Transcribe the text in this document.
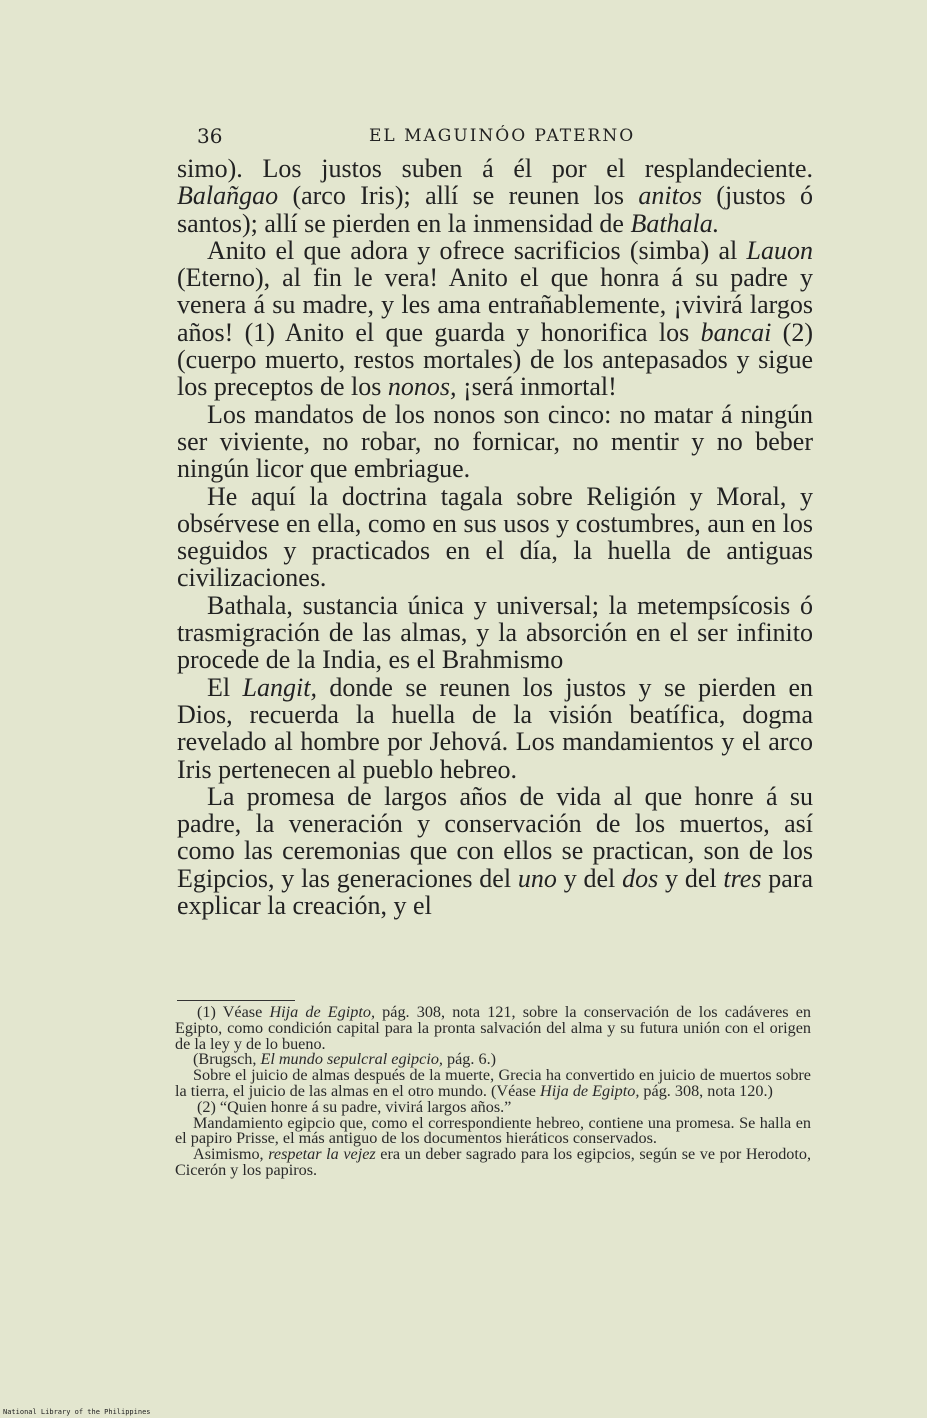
36	EL MAGUINÓO PATERNO

simo). Los justos suben á él por el resplandeciente. Balañgao (arco Iris); allí se reunen los anitos (justos ó santos); allí se pierden en la inmensidad de Bathala.

Anito el que adora y ofrece sacrificios (simba) al Lauon (Eterno), al fin le vera! Anito el que honra á su padre y venera á su madre, y les ama entrañablemente, ¡vivirá largos años! (1) Anito el que guarda y honorifica los bancai (2) (cuerpo muerto, restos mortales) de los antepasados y sigue los preceptos de los nonos, ¡será inmortal!

Los mandatos de los nonos son cinco: no matar á ningún ser viviente, no robar, no fornicar, no mentir y no beber ningún licor que embriague.

He aquí la doctrina tagala sobre Religión y Moral, y obsérvese en ella, como en sus usos y costumbres, aun en los seguidos y practicados en el día, la huella de antiguas civilizaciones.

Bathala, sustancia única y universal; la metempsícosis ó trasmigración de las almas, y la absorción en el ser infinito procede de la India, es el Brahmismo

El Langit, donde se reunen los justos y se pierden en Dios, recuerda la huella de la visión beatífica, dogma revelado al hombre por Jehová. Los mandamientos y el arco Iris pertenecen al pueblo hebreo.

La promesa de largos años de vida al que honre á su padre, la veneración y conservación de los muertos, así como las ceremonias que con ellos se practican, son de los Egipcios, y las generaciones del uno y del dos y del tres para explicar la creación, y el

(1) Véase Hija de Egipto, pág. 308, nota 121, sobre la conservación de los cadáveres en Egipto, como condición capital para la pronta salvación del alma y su futura unión con el origen de la ley y de lo bueno.

(Brugsch, El mundo sepulcral egipcio, pág. 6.)

Sobre el juicio de almas después de la muerte, Grecia ha convertido en juicio de muertos sobre la tierra, el juicio de las almas en el otro mundo. (Véase Hija de Egipto, pág. 308, nota 120.)

(2) “Quien honre á su padre, vivirá largos años.”

Mandamiento egipcio que, como el correspondiente hebreo, contiene una promesa. Se halla en el papiro Prisse, el más antiguo de los documentos hieráticos conservados.

Asimismo, respetar la vejez era un deber sagrado para los egipcios, según se ve por Herodoto, Cicerón y los papiros.

National Library of the Philippines
